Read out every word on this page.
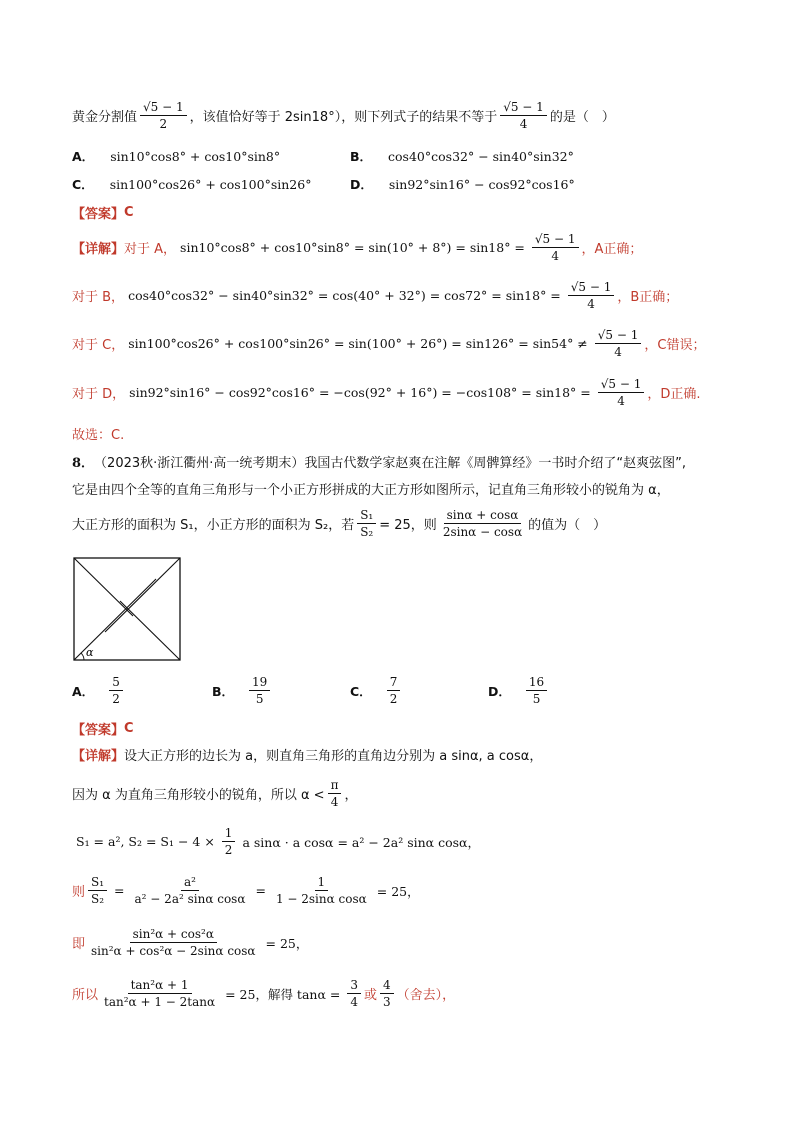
黄金分割值 $\frac{√5 - 1}{2}$ ，该值恰好等于 2sin18°），则下列式子的结果不等于 $\frac{√5 - 1}{4}$ 的是（　）
A． sin10°cos8° + cos10°sin8°	B． cos40°cos32° − sin40°sin32°
C． sin100°cos26° + cos100°sin26°	D． sin92°sin16° − cos92°cos16°
【答案】 C
【详解】 对于 A， $\sin 10^\circ\cos 8^\circ + \cos 10^\circ\sin 8^\circ = \sin(10^\circ + 8^\circ) = \sin 18^\circ = \frac{√5 - 1}{4}$ ，A 正确；
对于 B， $\cos 40^\circ\cos 32^\circ - \sin 40^\circ\sin 32^\circ = \cos(40^\circ + 32^\circ) = \cos 72^\circ = \sin 18^\circ = \frac{√5 - 1}{4}$ ，B 正确；
对于 C， $\sin 100^\circ\cos 26^\circ + \cos 100^\circ\sin 26^\circ = \sin(100^\circ + 26^\circ) = \sin 126^\circ = \sin 54^\circ \ne \frac{√5 - 1}{4}$ ，C 错误；
对于 D， $\sin 92^\circ\sin 16^\circ - \cos 92^\circ\cos 16^\circ = -\cos(92^\circ + 16^\circ) = -\cos 108^\circ = \sin 18^\circ = \frac{√5 - 1}{4}$ ，D 正确.
故选：C.
8． （2023秋·浙江衢州·高一统考期末） 我国古代数学家赵爽在注解《周髀算经》一书时介绍了“赵爽弦图”,
它是由四个全等的直角三角形与一个小正方形拼成的大正方形如图所示，记直角三角形较小的锐角为 α，
大正方形的面积为 S₁，小正方形的面积为 S₂，若 $\frac{\text{S₁}}{\text{S₂}} = 25$，则 $\frac{\sin\alpha + \cos\alpha}{2\sin\alpha - \cos\alpha}$ 的值为（　）
α
A． $\frac{5}{2}$	B． $\frac{19}{5}$	C． $\frac{7}{2}$	D． $\frac{16}{5}$
【答案】 C
【详解】 设大正方形的边长为 a，则直角三角形的直角边分别为 a sinα, a cosα，
因为 α 为直角三角形较小的锐角，所以 $\alpha < \frac{\pi}{4}$ ，
S₁ = a², $S_2 = S_1 - 4 \times \frac{1}{2}$ a sinα · a cosα = a² − 2a² sinα cosα，
则 $\frac{\text{S₁}}{\text{S₂}} = \frac{\text{a²}}{\text{a² − 2a² sinα cosα}} = \frac{1}{\text{1 − 2sinα cosα}} = 25$，
即 $\frac{\text{sin²α + cos²α}}{\text{sin²α + cos²α − 2sinα cosα}} = 25$，
所以 $\frac{\text{tan²α + 1}}{\text{tan²α + 1 − 2tanα}} = 25$，解得 $\tan\alpha = \frac{3}{4}$ 或 $\frac{4}{3}$ （舍去），
